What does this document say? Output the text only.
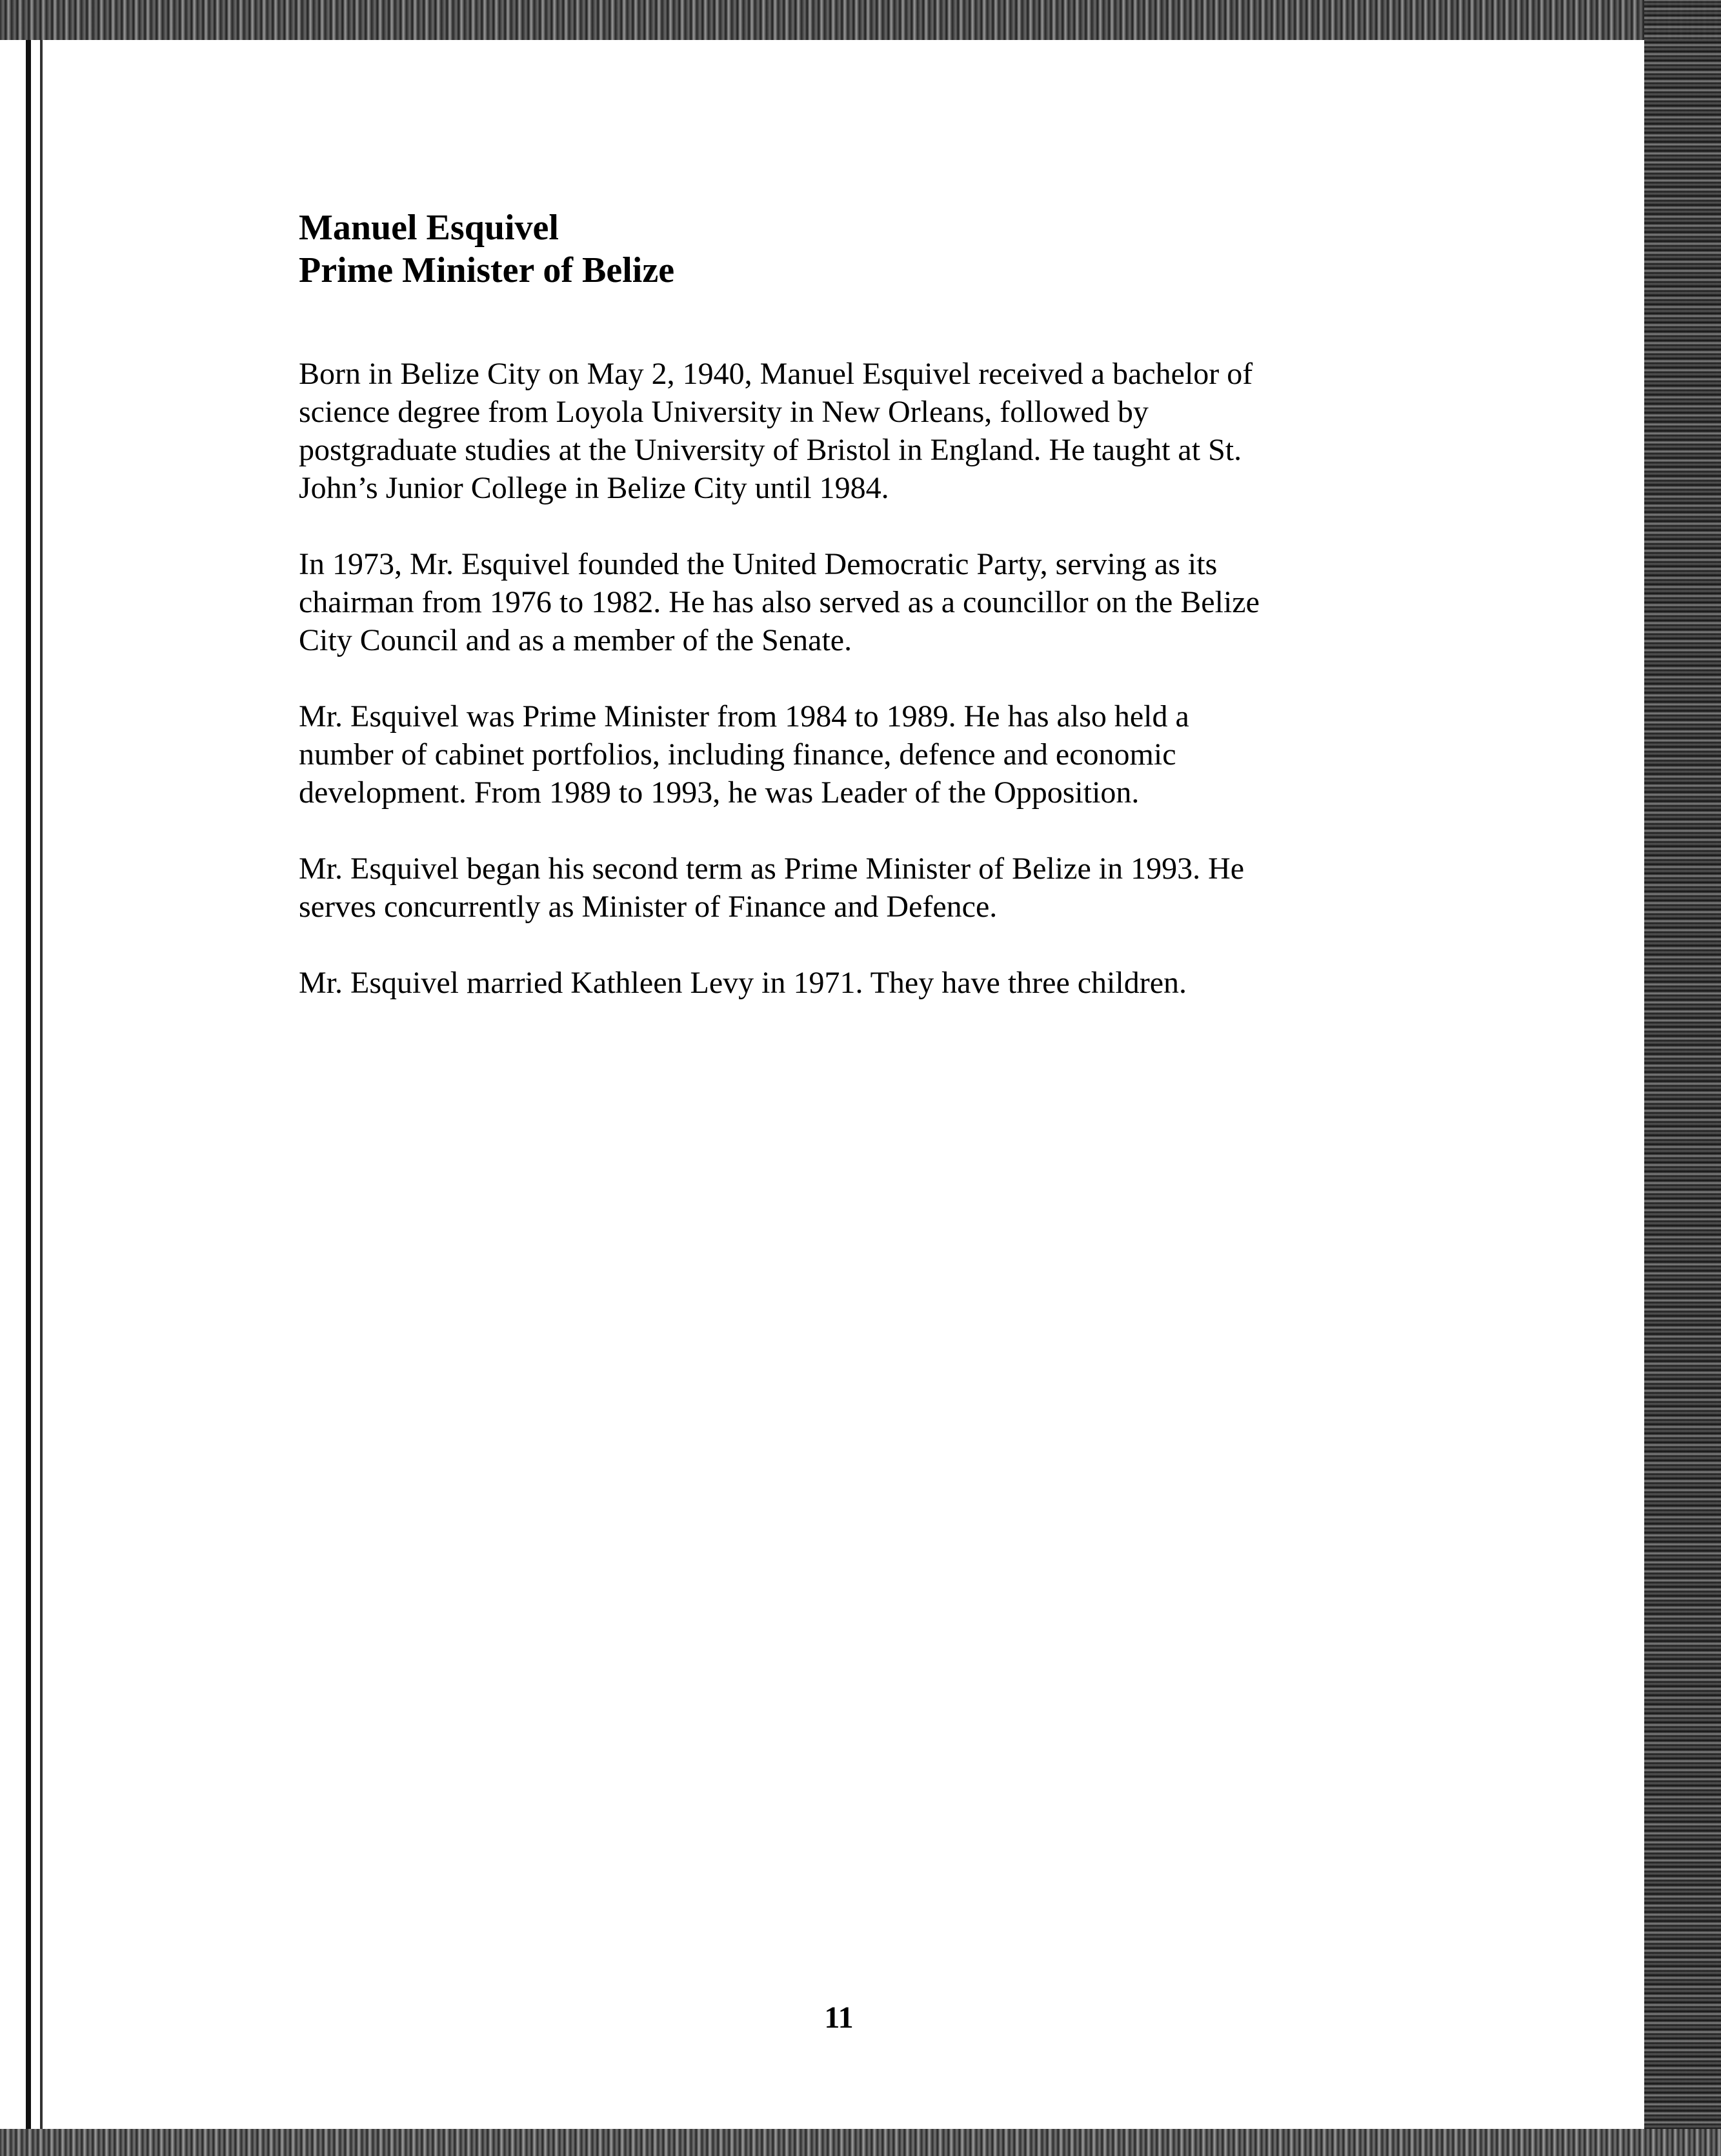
Manuel Esquivel

Prime Minister of Belize

Born in Belize City on May 2, 1940, Manuel Esquivel received a bachelor of

science degree from Loyola University in New Orleans, followed by

postgraduate studies at the University of Bristol in England. He taught at St.

John’s Junior College in Belize City until 1984.

In 1973, Mr. Esquivel founded the United Democratic Party, serving as its

chairman from 1976 to 1982. He has also served as a councillor on the Belize

City Council and as a member of the Senate.

Mr. Esquivel was Prime Minister from 1984 to 1989. He has also held a

number of cabinet portfolios, including finance, defence and economic

development. From 1989 to 1993, he was Leader of the Opposition.

Mr. Esquivel began his second term as Prime Minister of Belize in 1993. He

serves concurrently as Minister of Finance and Defence.

Mr. Esquivel married Kathleen Levy in 1971. They have three children.

11
